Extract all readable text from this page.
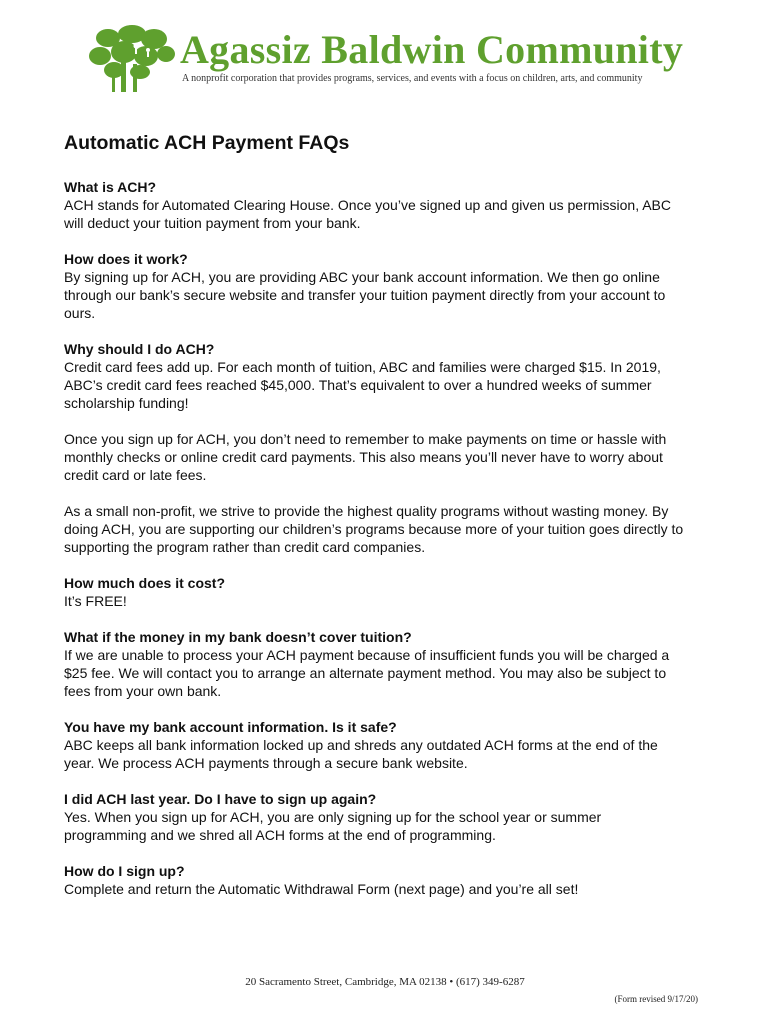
Agassiz Baldwin Community
A nonprofit corporation that provides programs, services, and events with a focus on children, arts, and community
Automatic ACH Payment FAQs
What is ACH?
ACH stands for Automated Clearing House. Once you’ve signed up and given us permission, ABC will deduct your tuition payment from your bank.
How does it work?
By signing up for ACH, you are providing ABC your bank account information. We then go online through our bank’s secure website and transfer your tuition payment directly from your account to ours.
Why should I do ACH?
Credit card fees add up. For each month of tuition, ABC and families were charged $15. In 2019, ABC’s credit card fees reached $45,000. That’s equivalent to over a hundred weeks of summer scholarship funding!
Once you sign up for ACH, you don’t need to remember to make payments on time or hassle with monthly checks or online credit card payments. This also means you’ll never have to worry about credit card or late fees.
As a small non-profit, we strive to provide the highest quality programs without wasting money. By doing ACH, you are supporting our children’s programs because more of your tuition goes directly to supporting the program rather than credit card companies.
How much does it cost?
It’s FREE!
What if the money in my bank doesn’t cover tuition?
If we are unable to process your ACH payment because of insufficient funds you will be charged a $25 fee. We will contact you to arrange an alternate payment method. You may also be subject to fees from your own bank.
You have my bank account information. Is it safe?
ABC keeps all bank information locked up and shreds any outdated ACH forms at the end of the year. We process ACH payments through a secure bank website.
I did ACH last year. Do I have to sign up again?
Yes. When you sign up for ACH, you are only signing up for the school year or summer programming and we shred all ACH forms at the end of programming.
How do I sign up?
Complete and return the Automatic Withdrawal Form (next page) and you’re all set!
20 Sacramento Street, Cambridge, MA 02138 • (617) 349-6287
(Form revised 9/17/20)
